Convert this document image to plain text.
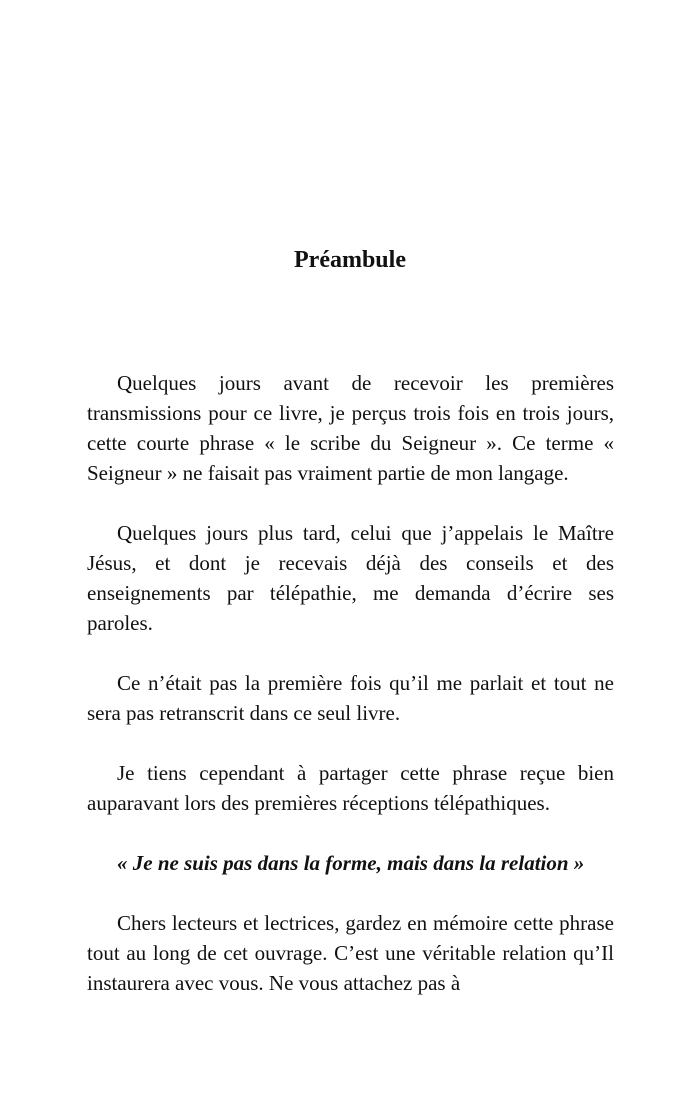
Préambule

Quelques jours avant de recevoir les premières transmissions pour ce livre, je perçus trois fois en trois jours, cette courte phrase « le scribe du Seigneur ». Ce terme « Seigneur » ne faisait pas vraiment partie de mon langage.

Quelques jours plus tard, celui que j’appelais le Maître Jésus, et dont je recevais déjà des conseils et des enseignements par télépathie, me demanda d’écrire ses paroles.

Ce n’était pas la première fois qu’il me parlait et tout ne sera pas retranscrit dans ce seul livre.

Je tiens cependant à partager cette phrase reçue bien auparavant lors des premières réceptions télépathiques.

« Je ne suis pas dans la forme, mais dans la relation »

Chers lecteurs et lectrices, gardez en mémoire cette phrase tout au long de cet ouvrage. C’est une véritable relation qu’Il instaurera avec vous. Ne vous attachez pas à
